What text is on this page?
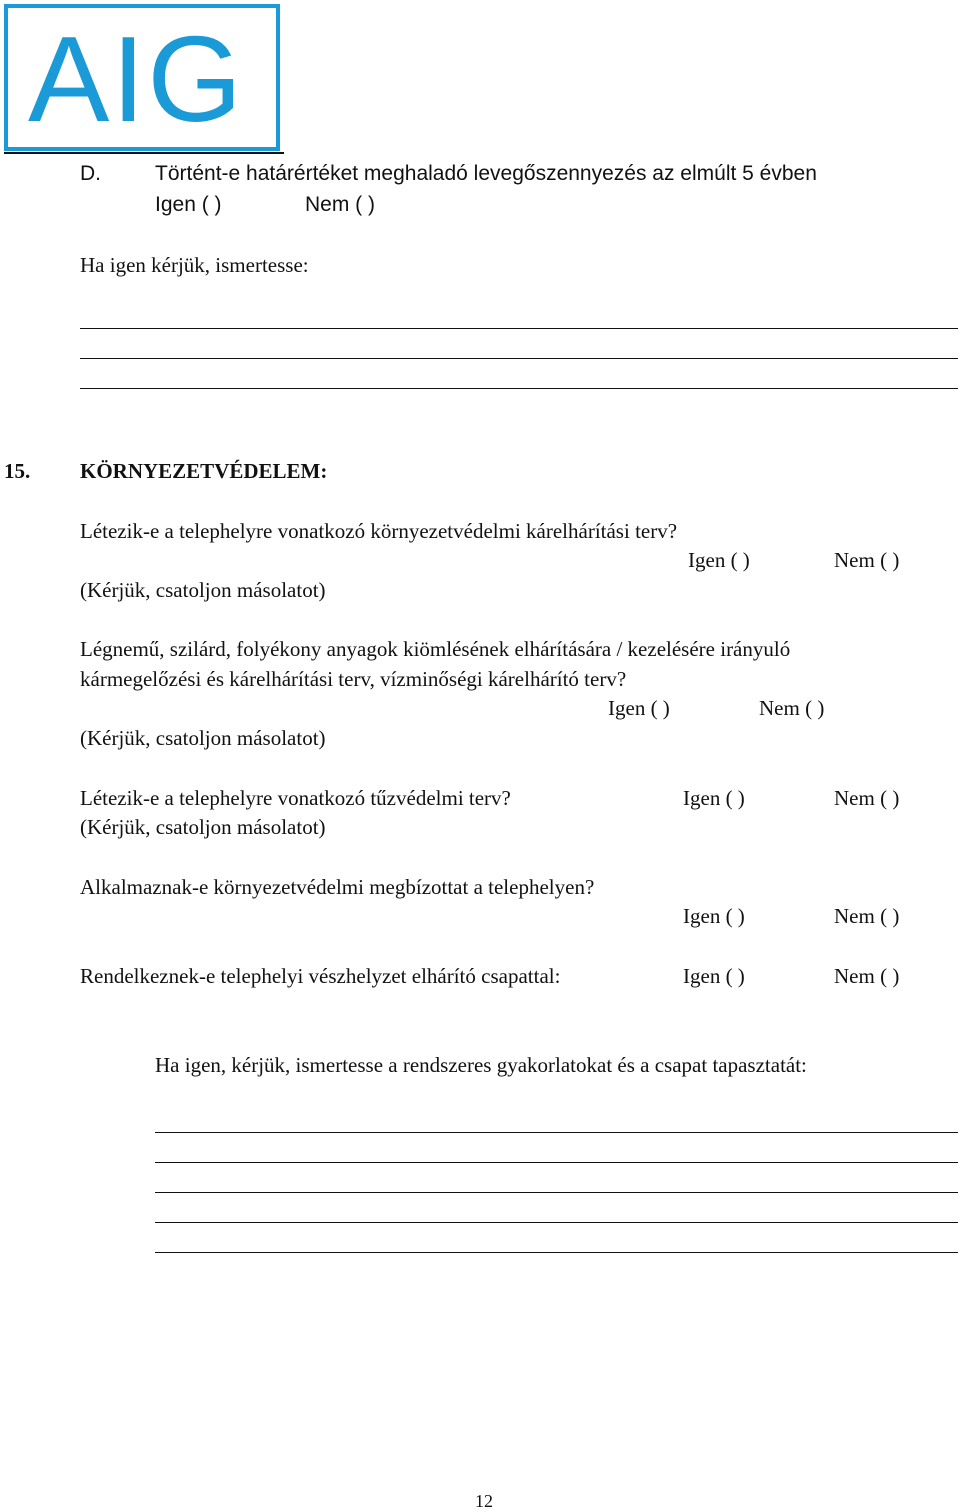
AIG
D.	Történt-e határértéket meghaladó levegőszennyezés az elmúlt 5 évben
Igen ( )	Nem ( )
Ha igen kérjük, ismertesse:
15. KÖRNYEZETVÉDELEM:
Létezik-e a telephelyre vonatkozó környezetvédelmi kárelhárítási terv?
Igen ( )	Nem ( )
(Kérjük, csatoljon másolatot)
Légnemű, szilárd, folyékony anyagok kiömlésének elhárítására / kezelésére irányuló
kármegelőzési és kárelhárítási terv, vízminőségi kárelhárító terv?
Igen ( )	Nem ( )
(Kérjük, csatoljon másolatot)
Létezik-e a telephelyre vonatkozó tűzvédelmi terv?	Igen ( )	Nem ( )
(Kérjük, csatoljon másolatot)
Alkalmaznak-e környezetvédelmi megbízottat a telephelyen?
Igen ( )	Nem ( )
Rendelkeznek-e telephelyi vészhelyzet elhárító csapattal:	Igen ( )	Nem ( )
Ha igen, kérjük, ismertesse a rendszeres gyakorlatokat és a csapat tapasztatát:
12
